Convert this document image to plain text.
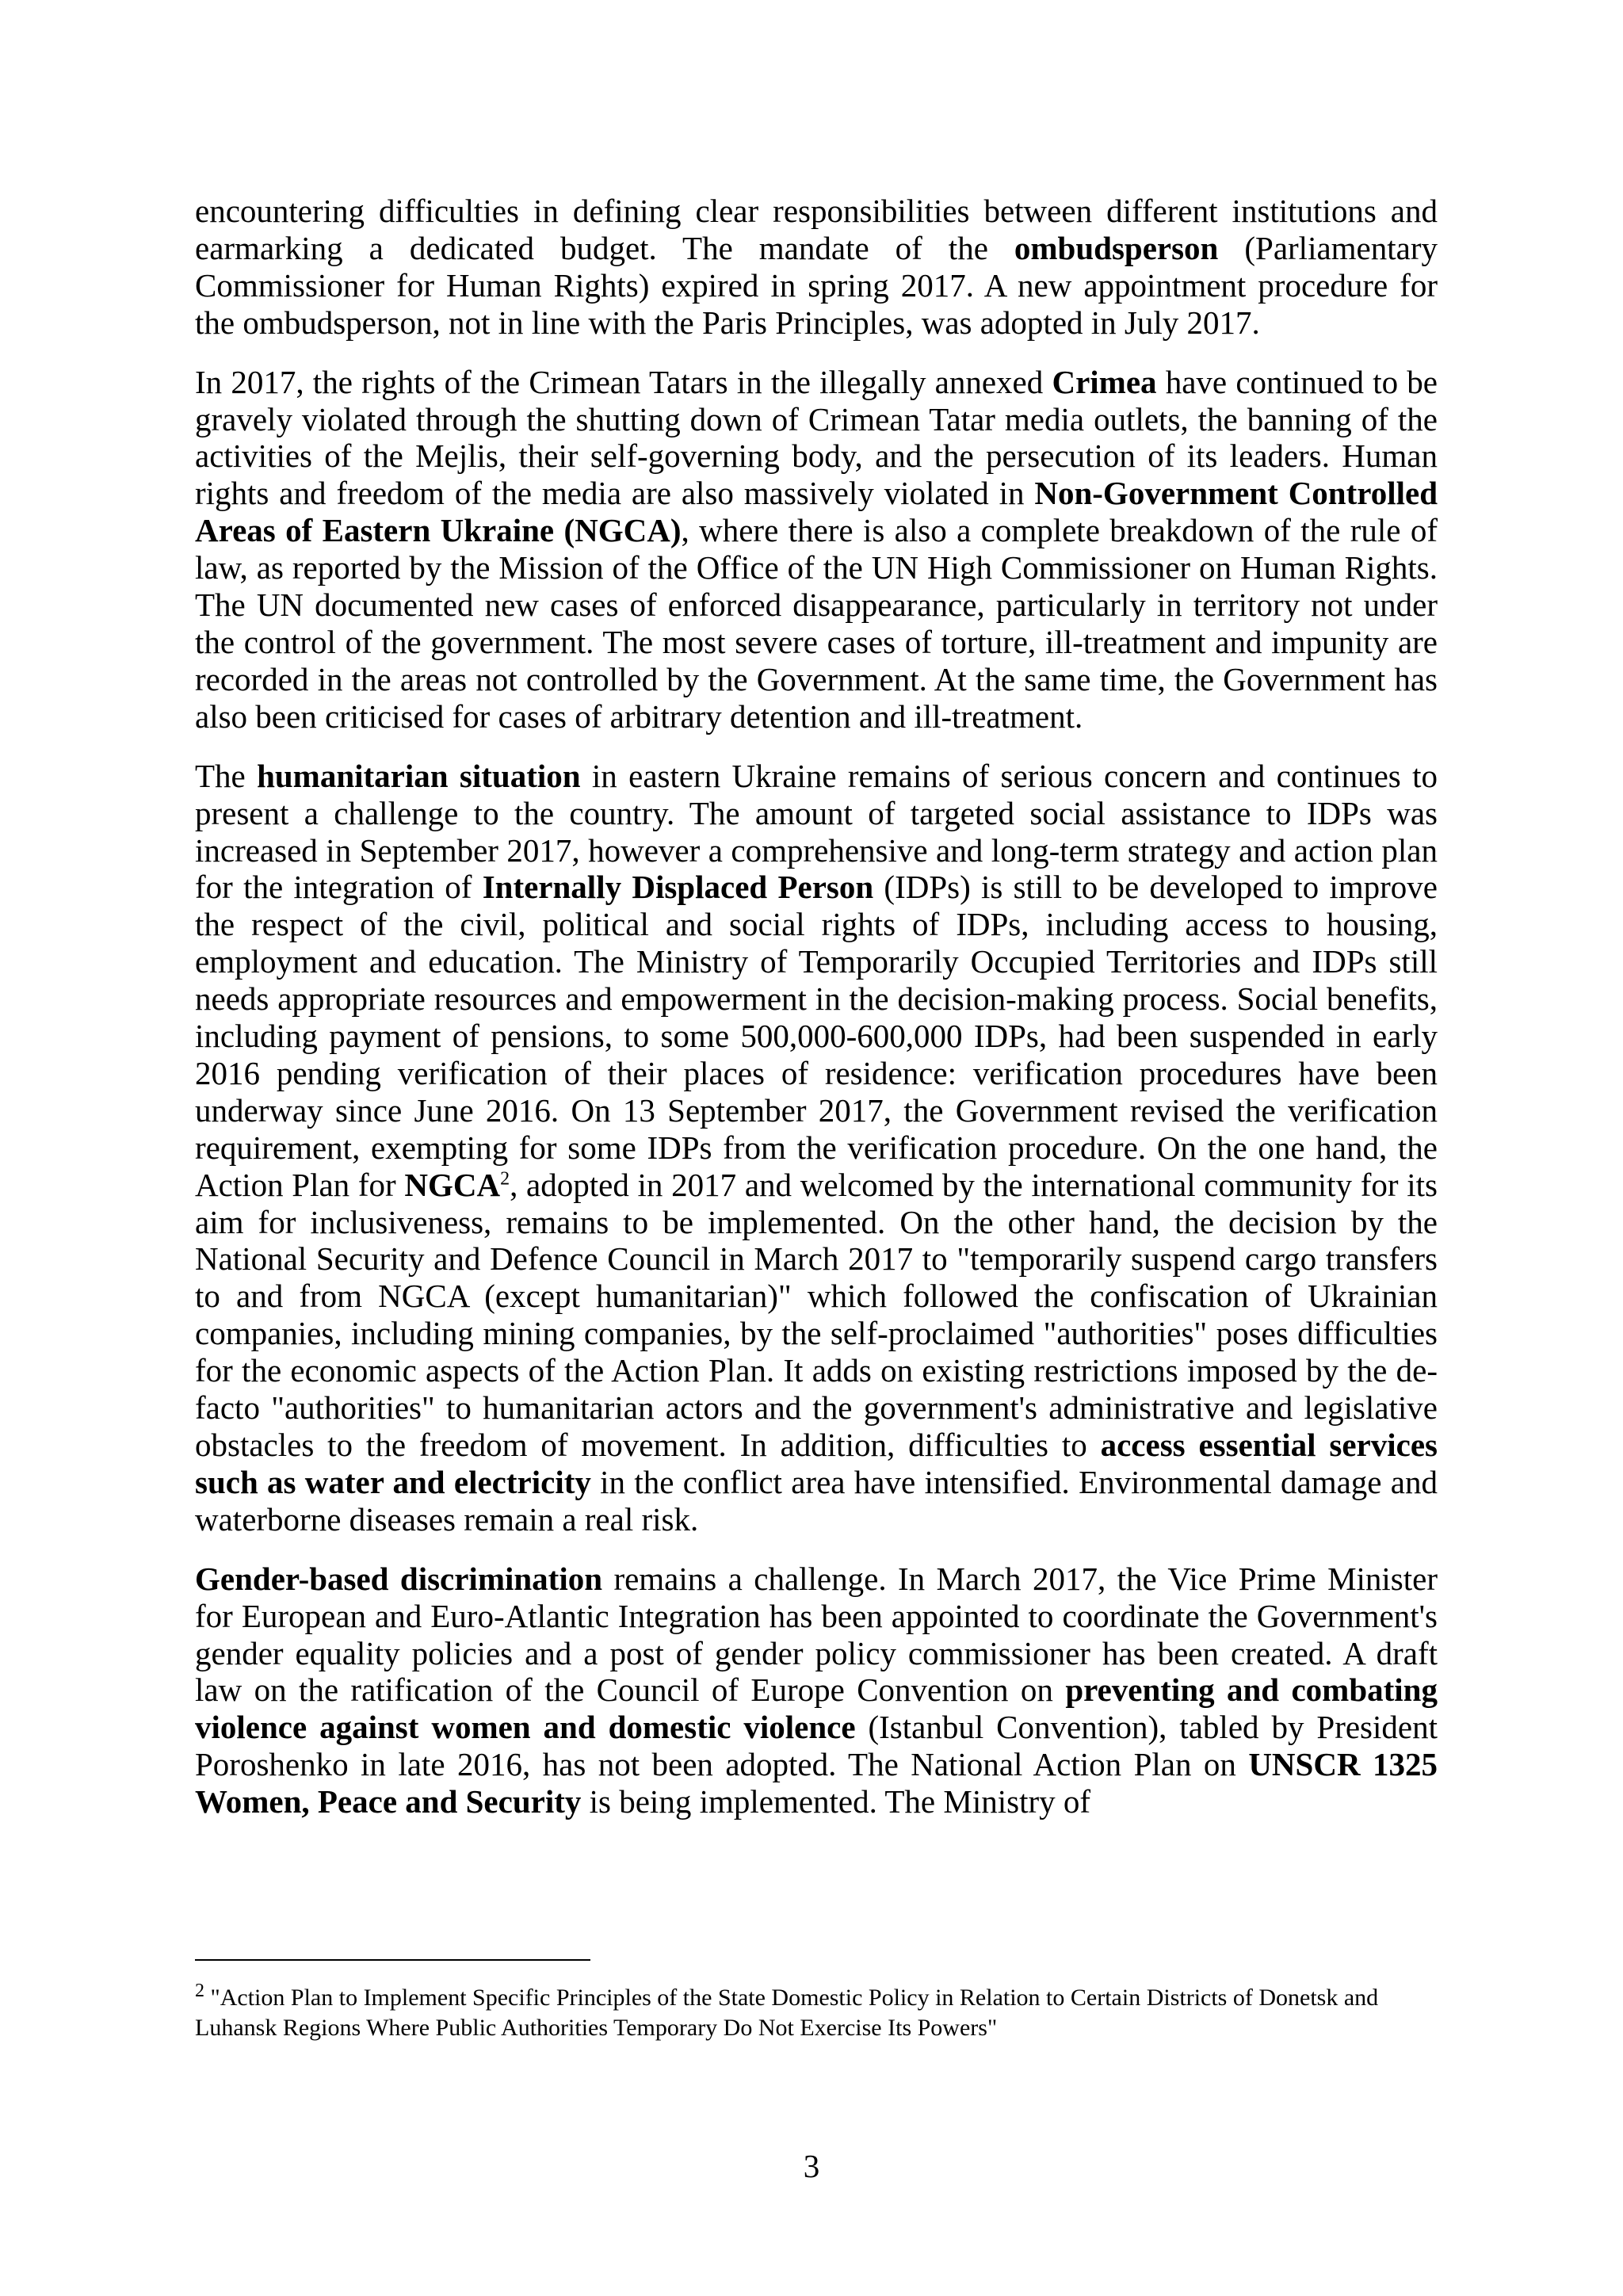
encountering difficulties in defining clear responsibilities between different institutions and earmarking a dedicated budget. The mandate of the ombudsperson (Parliamentary Commissioner for Human Rights) expired in spring 2017. A new appointment procedure for the ombudsperson, not in line with the Paris Principles, was adopted in July 2017.

In 2017, the rights of the Crimean Tatars in the illegally annexed Crimea have continued to be gravely violated through the shutting down of Crimean Tatar media outlets, the banning of the activities of the Mejlis, their self-governing body, and the persecution of its leaders. Human rights and freedom of the media are also massively violated in Non-Government Controlled Areas of Eastern Ukraine (NGCA), where there is also a complete breakdown of the rule of law, as reported by the Mission of the Office of the UN High Commissioner on Human Rights. The UN documented new cases of enforced disappearance, particularly in territory not under the control of the government. The most severe cases of torture, ill-treatment and impunity are recorded in the areas not controlled by the Government. At the same time, the Government has also been criticised for cases of arbitrary detention and ill-treatment.

The humanitarian situation in eastern Ukraine remains of serious concern and continues to present a challenge to the country. The amount of targeted social assistance to IDPs was increased in September 2017, however a comprehensive and long-term strategy and action plan for the integration of Internally Displaced Person (IDPs) is still to be developed to improve the respect of the civil, political and social rights of IDPs, including access to housing, employment and education. The Ministry of Temporarily Occupied Territories and IDPs still needs appropriate resources and empowerment in the decision-making process. Social benefits, including payment of pensions, to some 500,000-600,000 IDPs, had been suspended in early 2016 pending verification of their places of residence: verification procedures have been underway since June 2016. On 13 September 2017, the Government revised the verification requirement, exempting for some IDPs from the verification procedure. On the one hand, the Action Plan for NGCA$^2$, adopted in 2017 and welcomed by the international community for its aim for inclusiveness, remains to be implemented. On the other hand, the decision by the National Security and Defence Council in March 2017 to "temporarily suspend cargo transfers to and from NGCA (except humanitarian)" which followed the confiscation of Ukrainian companies, including mining companies, by the self-proclaimed "authorities" poses difficulties for the economic aspects of the Action Plan. It adds on existing restrictions imposed by the de-facto "authorities" to humanitarian actors and the government's administrative and legislative obstacles to the freedom of movement. In addition, difficulties to access essential services such as water and electricity in the conflict area have intensified. Environmental damage and waterborne diseases remain a real risk.

Gender-based discrimination remains a challenge. In March 2017, the Vice Prime Minister for European and Euro-Atlantic Integration has been appointed to coordinate the Government's gender equality policies and a post of gender policy commissioner has been created. A draft law on the ratification of the Council of Europe Convention on preventing and combating violence against women and domestic violence (Istanbul Convention), tabled by President Poroshenko in late 2016, has not been adopted. The National Action Plan on UNSCR 1325 Women, Peace and Security is being implemented. The Ministry of

$^2$ "Action Plan to Implement Specific Principles of the State Domestic Policy in Relation to Certain Districts of Donetsk and Luhansk Regions Where Public Authorities Temporary Do Not Exercise Its Powers"

3
